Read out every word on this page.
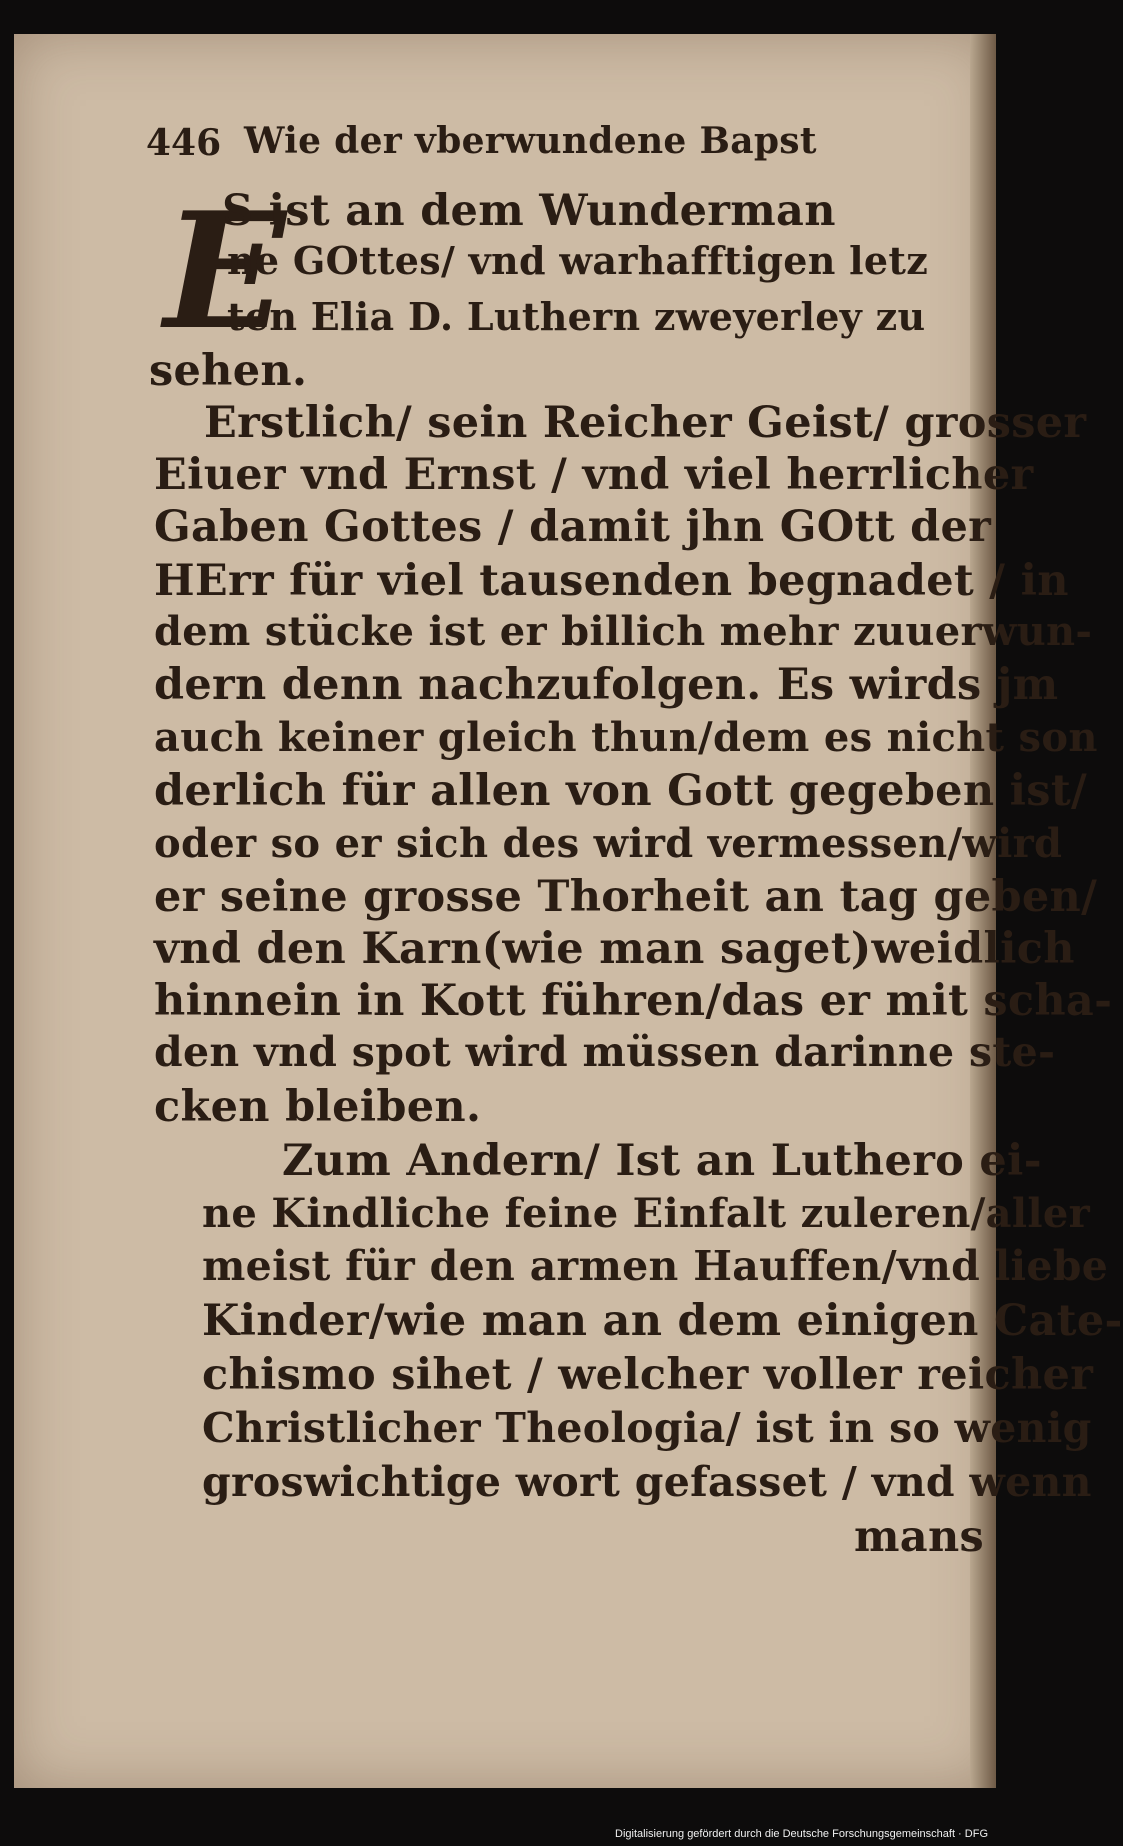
446 Wie der vberwundene Bapst
E
S ist an dem Wunderman
ne GOttes/ vnd warhafftigen letz
ten Elia D. Luthern zweyerley zu
sehen.
Erstlich/ sein Reicher Geist/ grosser
Eiuer vnd Ernst / vnd viel herrlicher
Gaben Gottes / damit jhn GOtt der
HErr für viel tausenden begnadet / in
dem stücke ist er billich mehr zuuerwun-
dern denn nachzufolgen. Es wirds jm
auch keiner gleich thun/dem es nicht son
derlich für allen von Gott gegeben ist/
oder so er sich des wird vermessen/wird
er seine grosse Thorheit an tag geben/
vnd den Karn(wie man saget)weidlich
hinnein in Kott führen/das er mit scha-
den vnd spot wird müssen darinne ste-
cken bleiben.
Zum Andern/ Ist an Luthero ei-
ne Kindliche feine Einfalt zuleren/aller
meist für den armen Hauffen/vnd liebe
Kinder/wie man an dem einigen Cate-
chismo sihet / welcher voller reicher
Christlicher Theologia/ ist in so wenig
groswichtige wort gefasset / vnd wenn
mans
Digitalisierung gefördert durch die Deutsche Forschungsgemeinschaft · DFG
